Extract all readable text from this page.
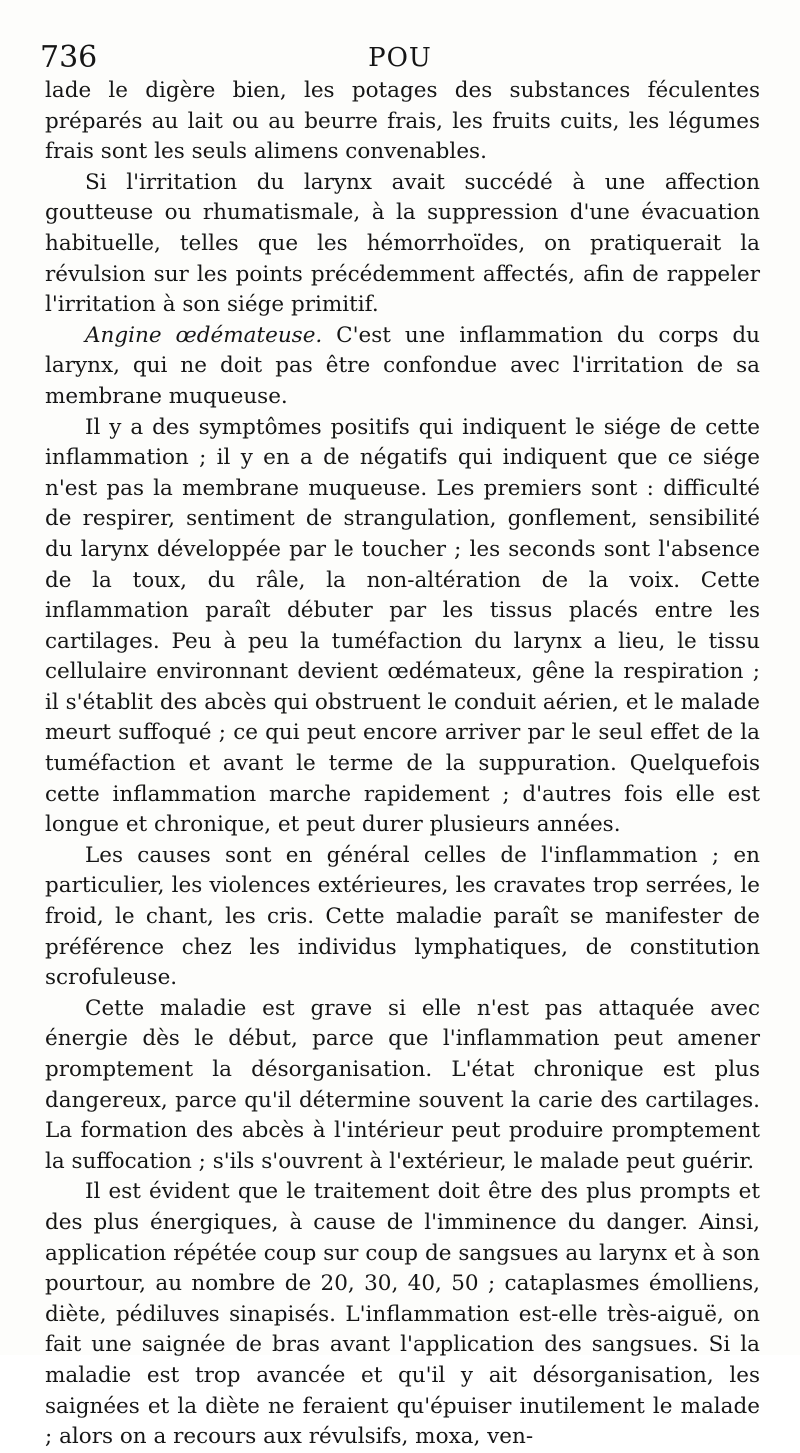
736	POU

lade le digère bien, les potages des substances féculentes préparés au lait ou au beurre frais, les fruits cuits, les légumes frais sont les seuls alimens convenables.

Si l'irritation du larynx avait succédé à une affection goutteuse ou rhumatismale, à la suppression d'une évacuation habituelle, telles que les hémorrhoïdes, on pratiquerait la révulsion sur les points précédemment affectés, afin de rappeler l'irritation à son siége primitif.

Angine œdémateuse. C'est une inflammation du corps du larynx, qui ne doit pas être confondue avec l'irritation de sa membrane muqueuse.

Il y a des symptômes positifs qui indiquent le siége de cette inflammation ; il y en a de négatifs qui indiquent que ce siége n'est pas la membrane muqueuse. Les premiers sont : difficulté de respirer, sentiment de strangulation, gonflement, sensibilité du larynx développée par le toucher ; les seconds sont l'absence de la toux, du râle, la non-altération de la voix. Cette inflammation paraît débuter par les tissus placés entre les cartilages. Peu à peu la tuméfaction du larynx a lieu, le tissu cellulaire environnant devient œdémateux, gêne la respiration ; il s'établit des abcès qui obstruent le conduit aérien, et le malade meurt suffoqué ; ce qui peut encore arriver par le seul effet de la tuméfaction et avant le terme de la suppuration. Quelquefois cette inflammation marche rapidement ; d'autres fois elle est longue et chronique, et peut durer plusieurs années.

Les causes sont en général celles de l'inflammation ; en particulier, les violences extérieures, les cravates trop serrées, le froid, le chant, les cris. Cette maladie paraît se manifester de préférence chez les individus lymphatiques, de constitution scrofuleuse.

Cette maladie est grave si elle n'est pas attaquée avec énergie dès le début, parce que l'inflammation peut amener promptement la désorganisation. L'état chronique est plus dangereux, parce qu'il détermine souvent la carie des cartilages. La formation des abcès à l'intérieur peut produire promptement la suffocation ; s'ils s'ouvrent à l'extérieur, le malade peut guérir.

Il est évident que le traitement doit être des plus prompts et des plus énergiques, à cause de l'imminence du danger. Ainsi, application répétée coup sur coup de sangsues au larynx et à son pourtour, au nombre de 20, 30, 40, 50 ; cataplasmes émolliens, diète, pédiluves sinapisés. L'inflammation est-elle très-aiguë, on fait une saignée de bras avant l'application des sangsues. Si la maladie est trop avancée et qu'il y ait désorganisation, les saignées et la diète ne feraient qu'épuiser inutilement le malade ; alors on a recours aux révulsifs, moxa, ven-
